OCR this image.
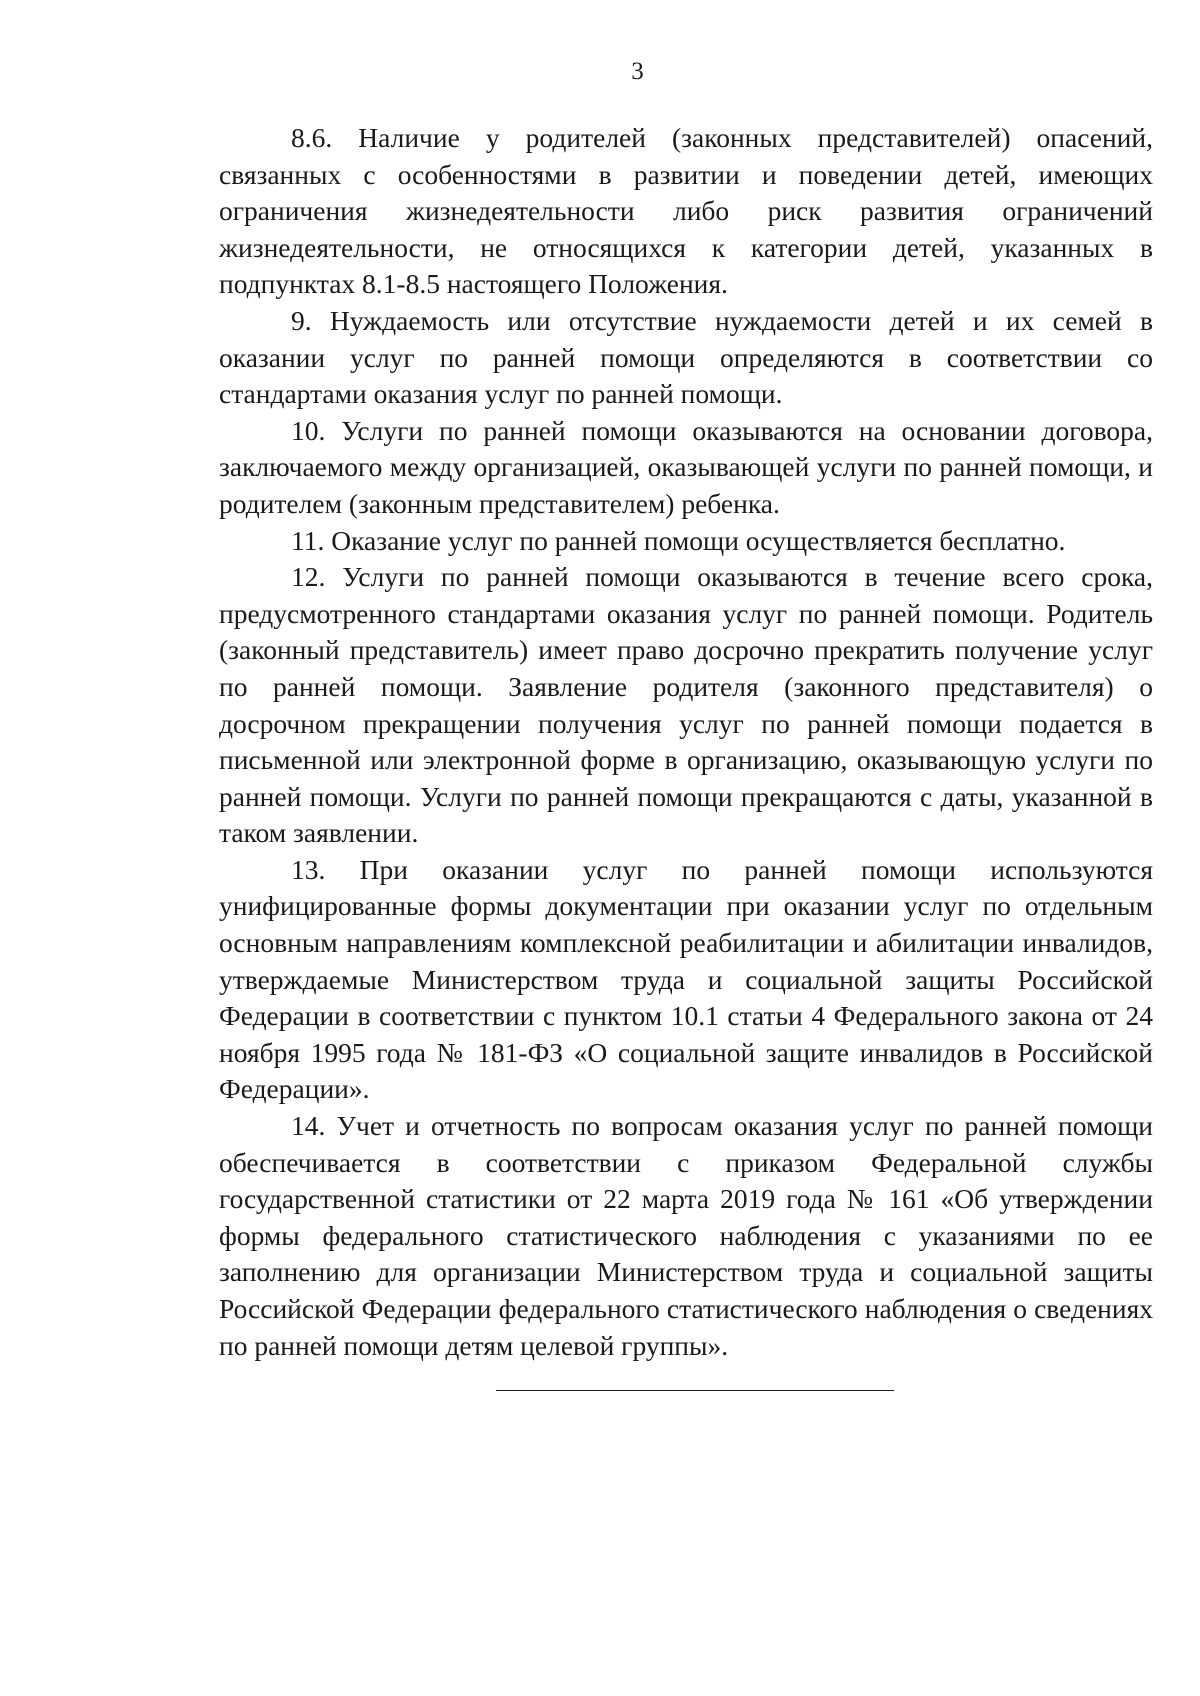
3

8.6. Наличие у родителей (законных представителей) опасений, связанных с особенностями в развитии и поведении детей, имеющих ограничения жизнедеятельности либо риск развития ограничений жизнедеятельности, не относящихся к категории детей, указанных в подпунктах 8.1-8.5 настоящего Положения.

9. Нуждаемость или отсутствие нуждаемости детей и их семей в оказании услуг по ранней помощи определяются в соответствии со стандартами оказания услуг по ранней помощи.

10. Услуги по ранней помощи оказываются на основании договора, заключаемого между организацией, оказывающей услуги по ранней помощи, и родителем (законным представителем) ребенка.

11. Оказание услуг по ранней помощи осуществляется бесплатно.

12. Услуги по ранней помощи оказываются в течение всего срока, предусмотренного стандартами оказания услуг по ранней помощи. Родитель (законный представитель) имеет право досрочно прекратить получение услуг по ранней помощи. Заявление родителя (законного представителя) о досрочном прекращении получения услуг по ранней помощи подается в письменной или электронной форме в организацию, оказывающую услуги по ранней помощи. Услуги по ранней помощи прекращаются с даты, указанной в таком заявлении.

13. При оказании услуг по ранней помощи используются унифицированные формы документации при оказании услуг по отдельным основным направлениям комплексной реабилитации и абилитации инвалидов, утверждаемые Министерством труда и социальной защиты Российской Федерации в соответствии с пунктом 10.1 статьи 4 Федерального закона от 24 ноября 1995 года № 181-ФЗ «О социальной защите инвалидов в Российской Федерации».

14. Учет и отчетность по вопросам оказания услуг по ранней помощи обеспечивается в соответствии с приказом Федеральной службы государственной статистики от 22 марта 2019 года № 161 «Об утверждении формы федерального статистического наблюдения с указаниями по ее заполнению для организации Министерством труда и социальной защиты Российской Федерации федерального статистического наблюдения о сведениях по ранней помощи детям целевой группы».
